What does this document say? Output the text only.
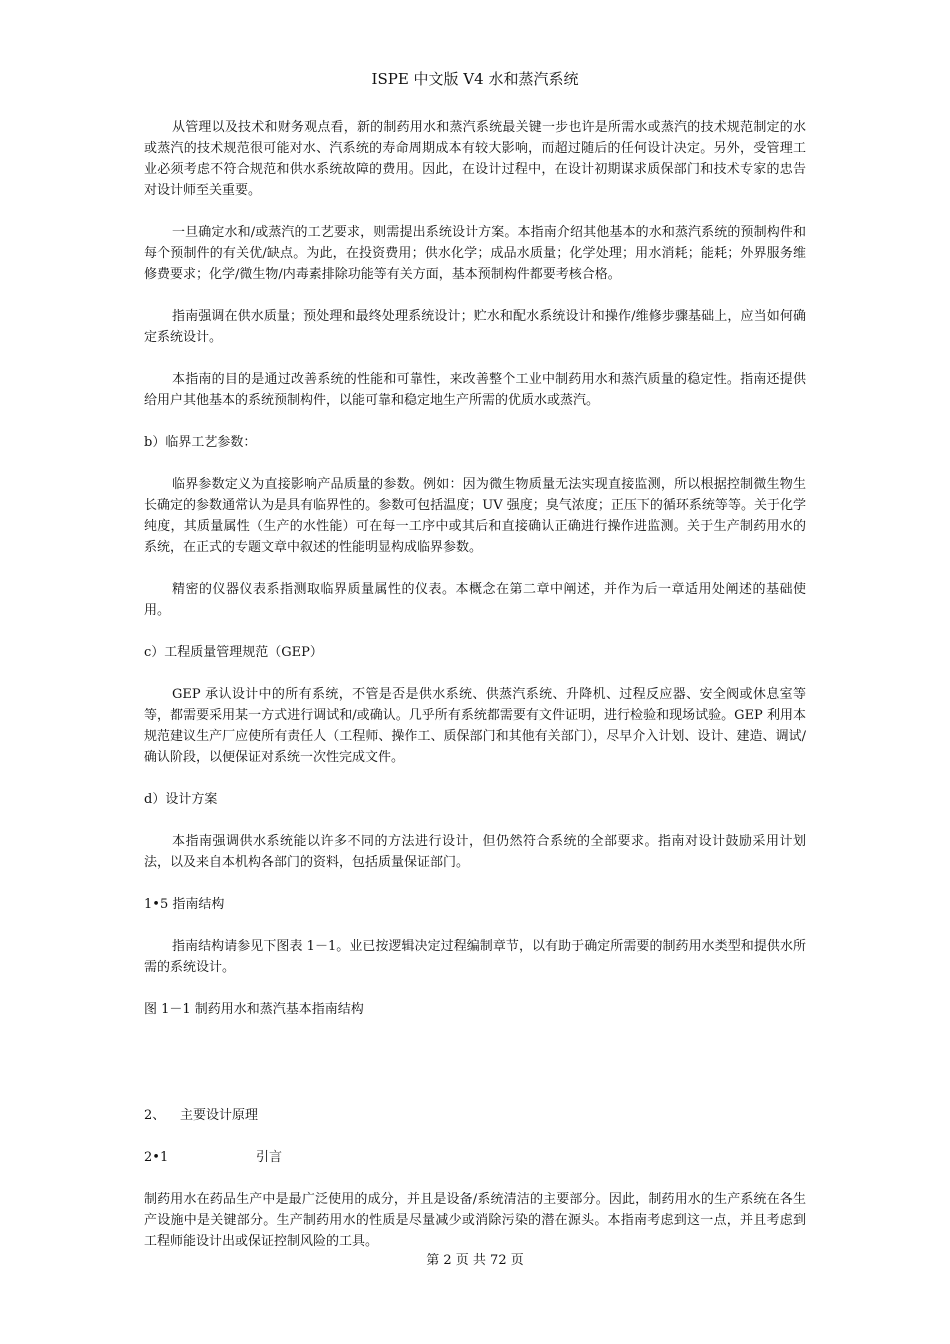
ISPE 中文版 V4 水和蒸汽系统

从管理以及技术和财务观点看，新的制药用水和蒸汽系统最关键一步也许是所需水或蒸汽的技术规范制定的水或蒸汽的技术规范很可能对水、汽系统的寿命周期成本有较大影响，而超过随后的任何设计决定。另外，受管理工业必须考虑不符合规范和供水系统故障的费用。因此，在设计过程中，在设计初期谋求质保部门和技术专家的忠告对设计师至关重要。

一旦确定水和/或蒸汽的工艺要求，则需提出系统设计方案。本指南介绍其他基本的水和蒸汽系统的预制构件和每个预制件的有关优/缺点。为此，在投资费用；供水化学；成品水质量；化学处理；用水消耗；能耗；外界服务维修费要求；化学/微生物/内毒素排除功能等有关方面，基本预制构件都要考核合格。

指南强调在供水质量；预处理和最终处理系统设计；贮水和配水系统设计和操作/维修步骤基础上，应当如何确定系统设计。

本指南的目的是通过改善系统的性能和可靠性，来改善整个工业中制药用水和蒸汽质量的稳定性。指南还提供给用户其他基本的系统预制构件，以能可靠和稳定地生产所需的优质水或蒸汽。

b）临界工艺参数：

临界参数定义为直接影响产品质量的参数。例如：因为微生物质量无法实现直接监测，所以根据控制微生物生长确定的参数通常认为是具有临界性的。参数可包括温度；UV 强度；臭气浓度；正压下的循环系统等等。关于化学纯度，其质量属性（生产的水性能）可在每一工序中或其后和直接确认正确进行操作进监测。关于生产制药用水的系统，在正式的专题文章中叙述的性能明显构成临界参数。

精密的仪器仪表系指测取临界质量属性的仪表。本概念在第二章中阐述，并作为后一章适用处阐述的基础使用。

c）工程质量管理规范（GEP）

GEP 承认设计中的所有系统，不管是否是供水系统、供蒸汽系统、升降机、过程反应器、安全阀或休息室等等，都需要采用某一方式进行调试和/或确认。几乎所有系统都需要有文件证明，进行检验和现场试验。GEP 利用本规范建议生产厂应使所有责任人（工程师、操作工、质保部门和其他有关部门），尽早介入计划、设计、建造、调试/确认阶段，以便保证对系统一次性完成文件。

d）设计方案

本指南强调供水系统能以许多不同的方法进行设计，但仍然符合系统的全部要求。指南对设计鼓励采用计划法，以及来自本机构各部门的资料，包括质量保证部门。

1•5 指南结构

指南结构请参见下图表 1－1。业已按逻辑决定过程编制章节，以有助于确定所需要的制药用水类型和提供水所需的系统设计。

图 1－1 制药用水和蒸汽基本指南结构

2、 主要设计原理

2•1	引言

制药用水在药品生产中是最广泛使用的成分，并且是设备/系统清洁的主要部分。因此，制药用水的生产系统在各生产设施中是关键部分。生产制药用水的性质是尽量减少或消除污染的潜在源头。本指南考虑到这一点，并且考虑到工程师能设计出或保证控制风险的工具。

第 2 页 共 72 页
